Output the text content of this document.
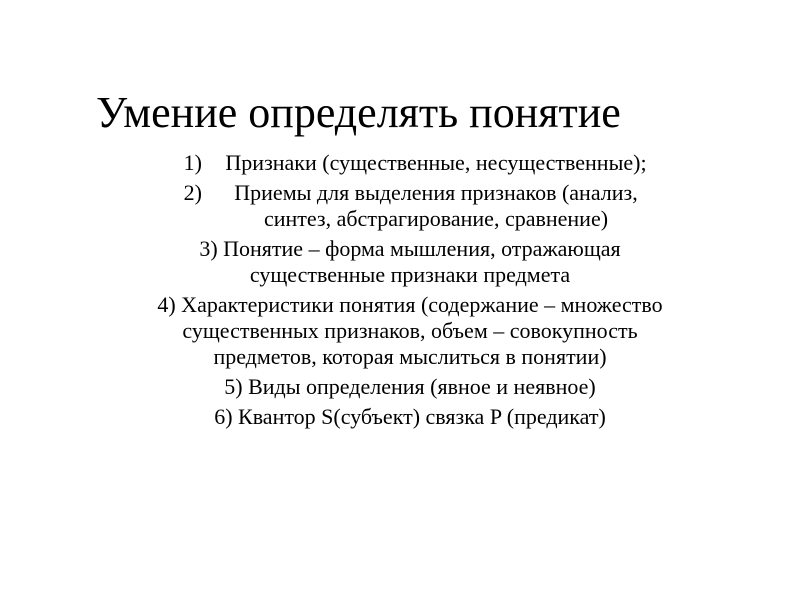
Умение определять понятие
1)	Признаки (существенные, несущественные);
2)	Приемы для выделения признаков (анализ, синтез, абстрагирование, сравнение)
3) Понятие – форма мышления, отражающая существенные признаки предмета
4) Характеристики понятия (содержание – множество существенных признаков, объем – совокупность предметов, которая мыслиться в понятии)
5) Виды определения (явное и неявное)
6) Квантор S(субъект) связка P (предикат)
